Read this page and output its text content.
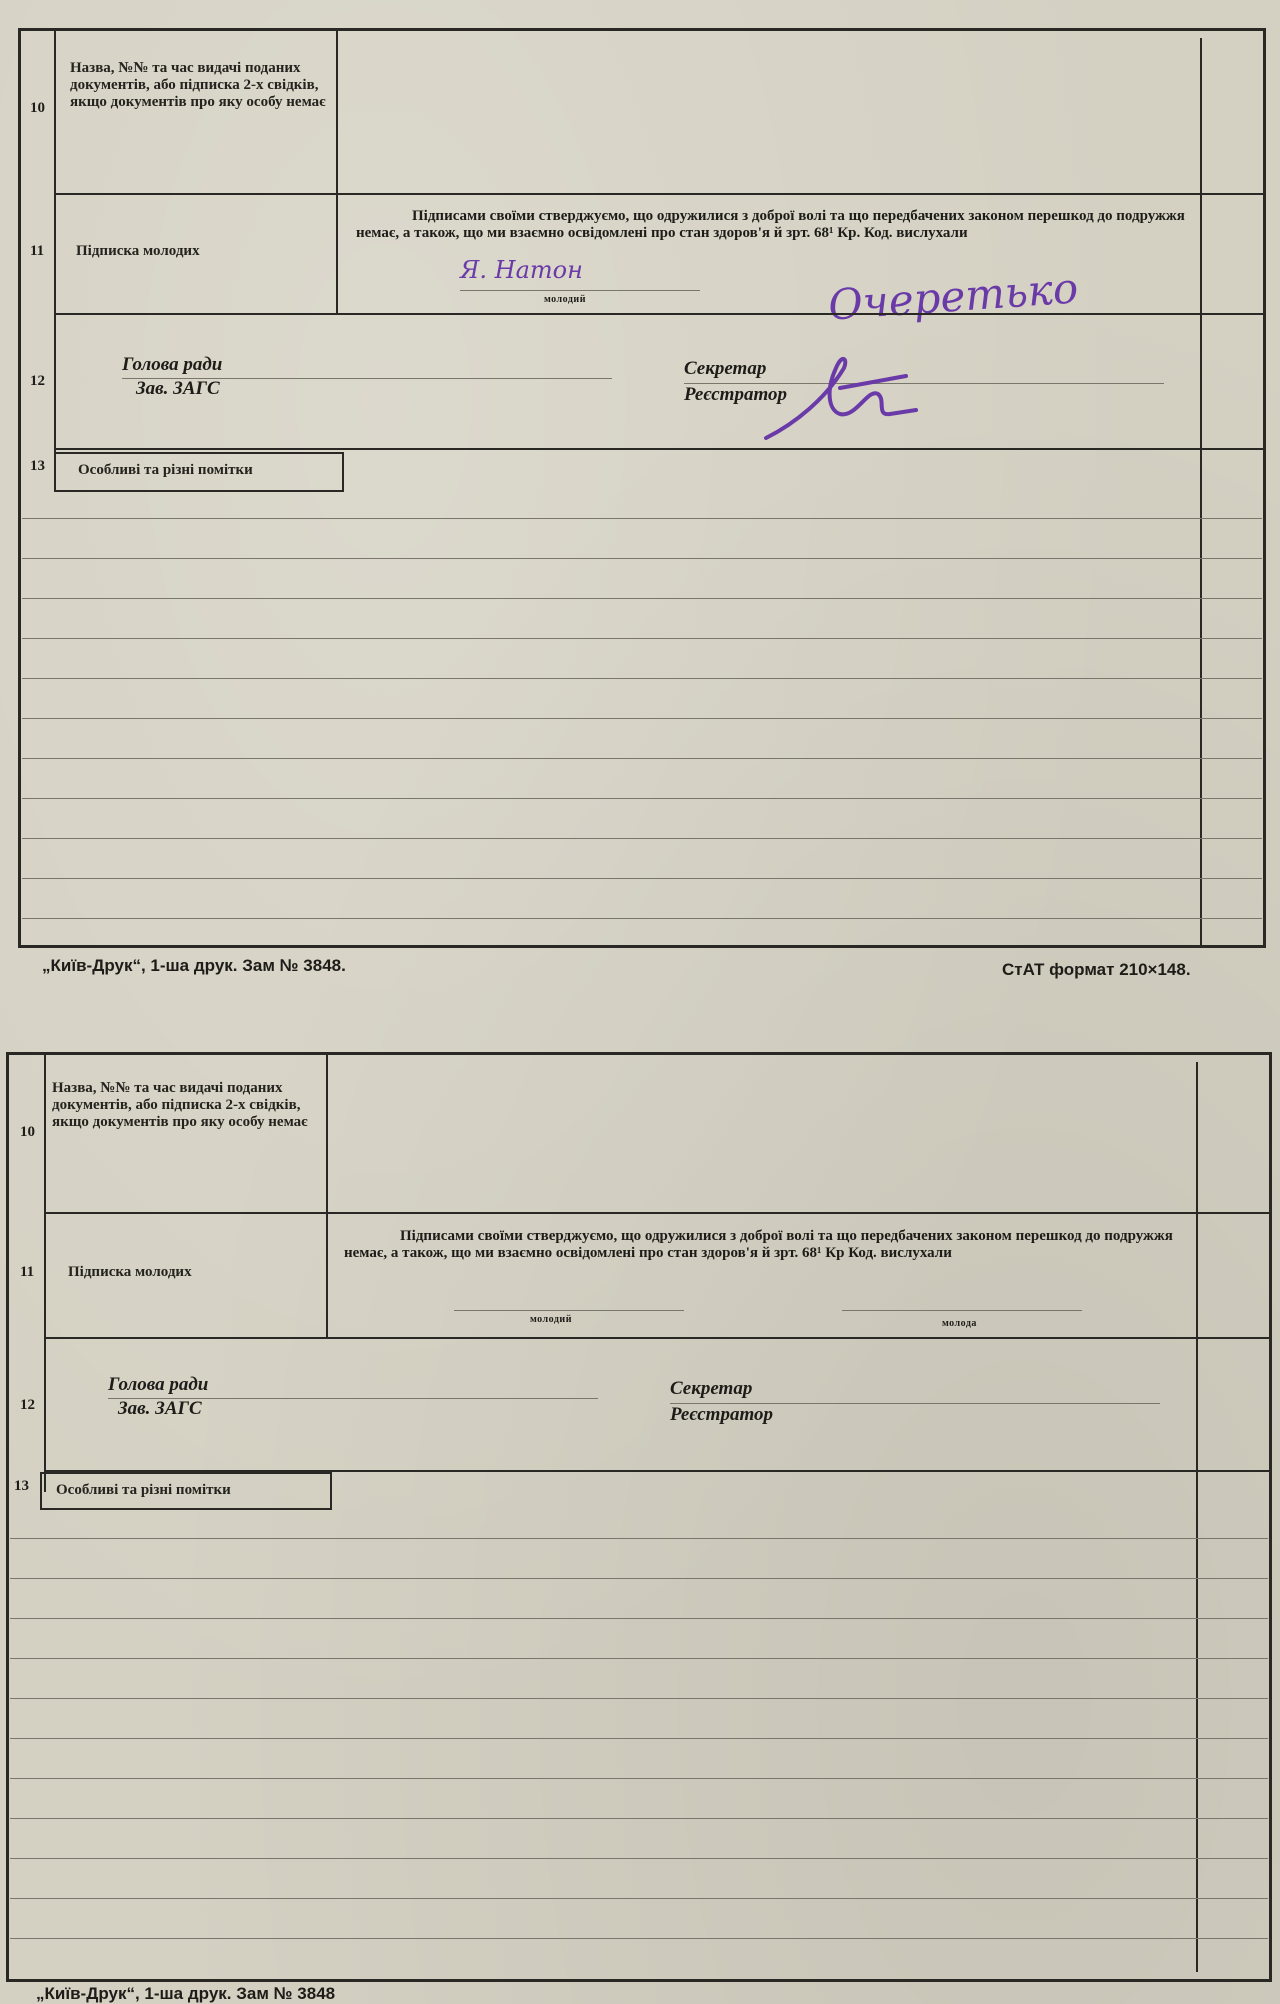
10
Назва, №№ та час видачі поданих документів, або підписка 2-х свідків, якщо документів про яку особу немає
11 Підписка молодих
Підписами своїми стверджуємо, що одружилися з доброї волі та що передбачених законом перешкод до подружжя немає, а також, що ми взаємно освідомлені про стан здоров'я й зрт. 68¹ Кр. Код. вислухали
молодий
Я. Натон	Очеретько
12
Голова ради
Зав. ЗАГС
Секретар
Реєстратор
13 Особливі та різні помітки
„Київ-Друк“, 1-ша друк. Зам № 3848.	СтАТ формат 210×148.
10
Назва, №№ та час видачі поданих документів, або підписка 2-х свідків, якщо документів про яку особу немає
11 Підписка молодих
Підписами своїми стверджуємо, що одружилися з доброї волі та що передбачених законом перешкод до подружжя немає, а також, що ми взаємно освідомлені про стан здоров'я й зрт. 68¹ Кр Код. вислухали
молодий	молода
12
Голова ради
Зав. ЗАГС
Секретар
Реєстратор
13 Особливі та різні помітки
„Київ-Друк“, 1-ша друк. Зам № 3848
